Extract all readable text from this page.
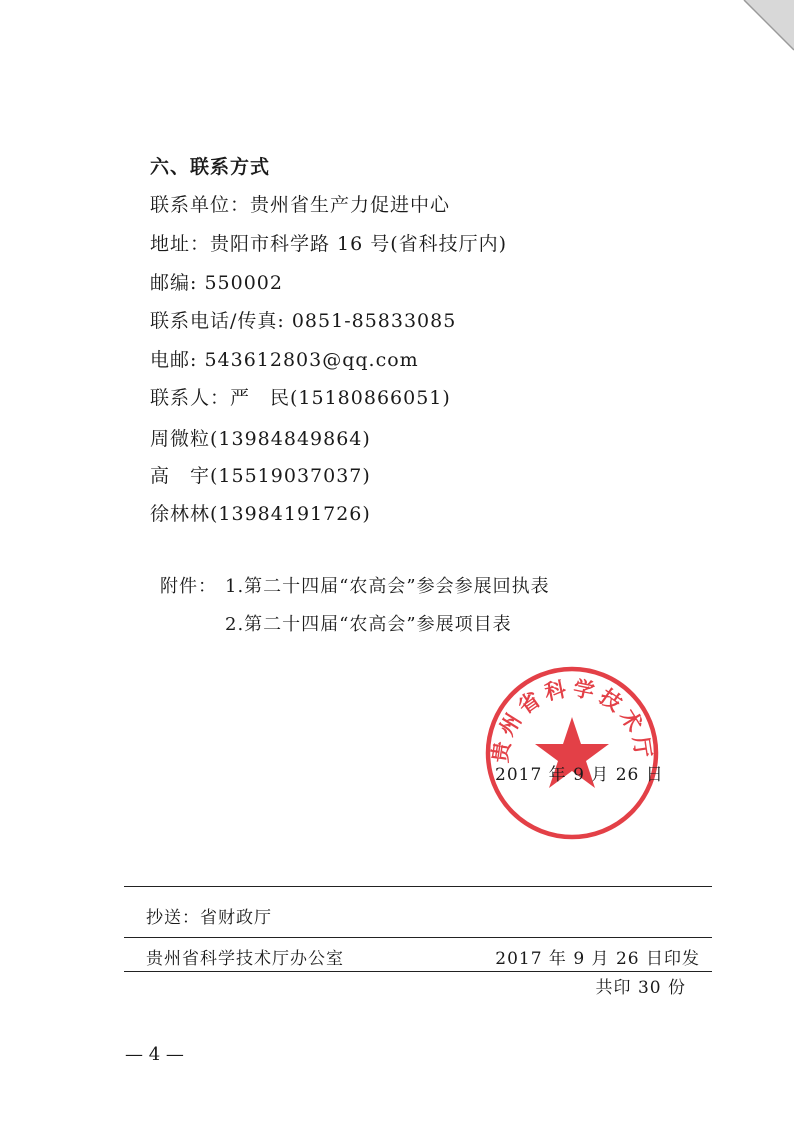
六、联系方式
联系单位：贵州省生产力促进中心
地址：贵阳市科学路 16 号(省科技厅内)
邮编: 550002
联系电话/传真: 0851-85833085
电邮: 543612803@qq.com
联系人：严　民(15180866051)
周微粒(13984849864)
高　宇(15519037037)
徐林林(13984191726)
附件： 1.第二十四届“农高会”参会参展回执表
2.第二十四届“农高会”参展项目表
贵州省科学技术厅
2017 年 9 月 26 日
抄送：省财政厅
贵州省科学技术厅办公室	2017 年 9 月 26 日印发
共印 30 份
— 4 —
